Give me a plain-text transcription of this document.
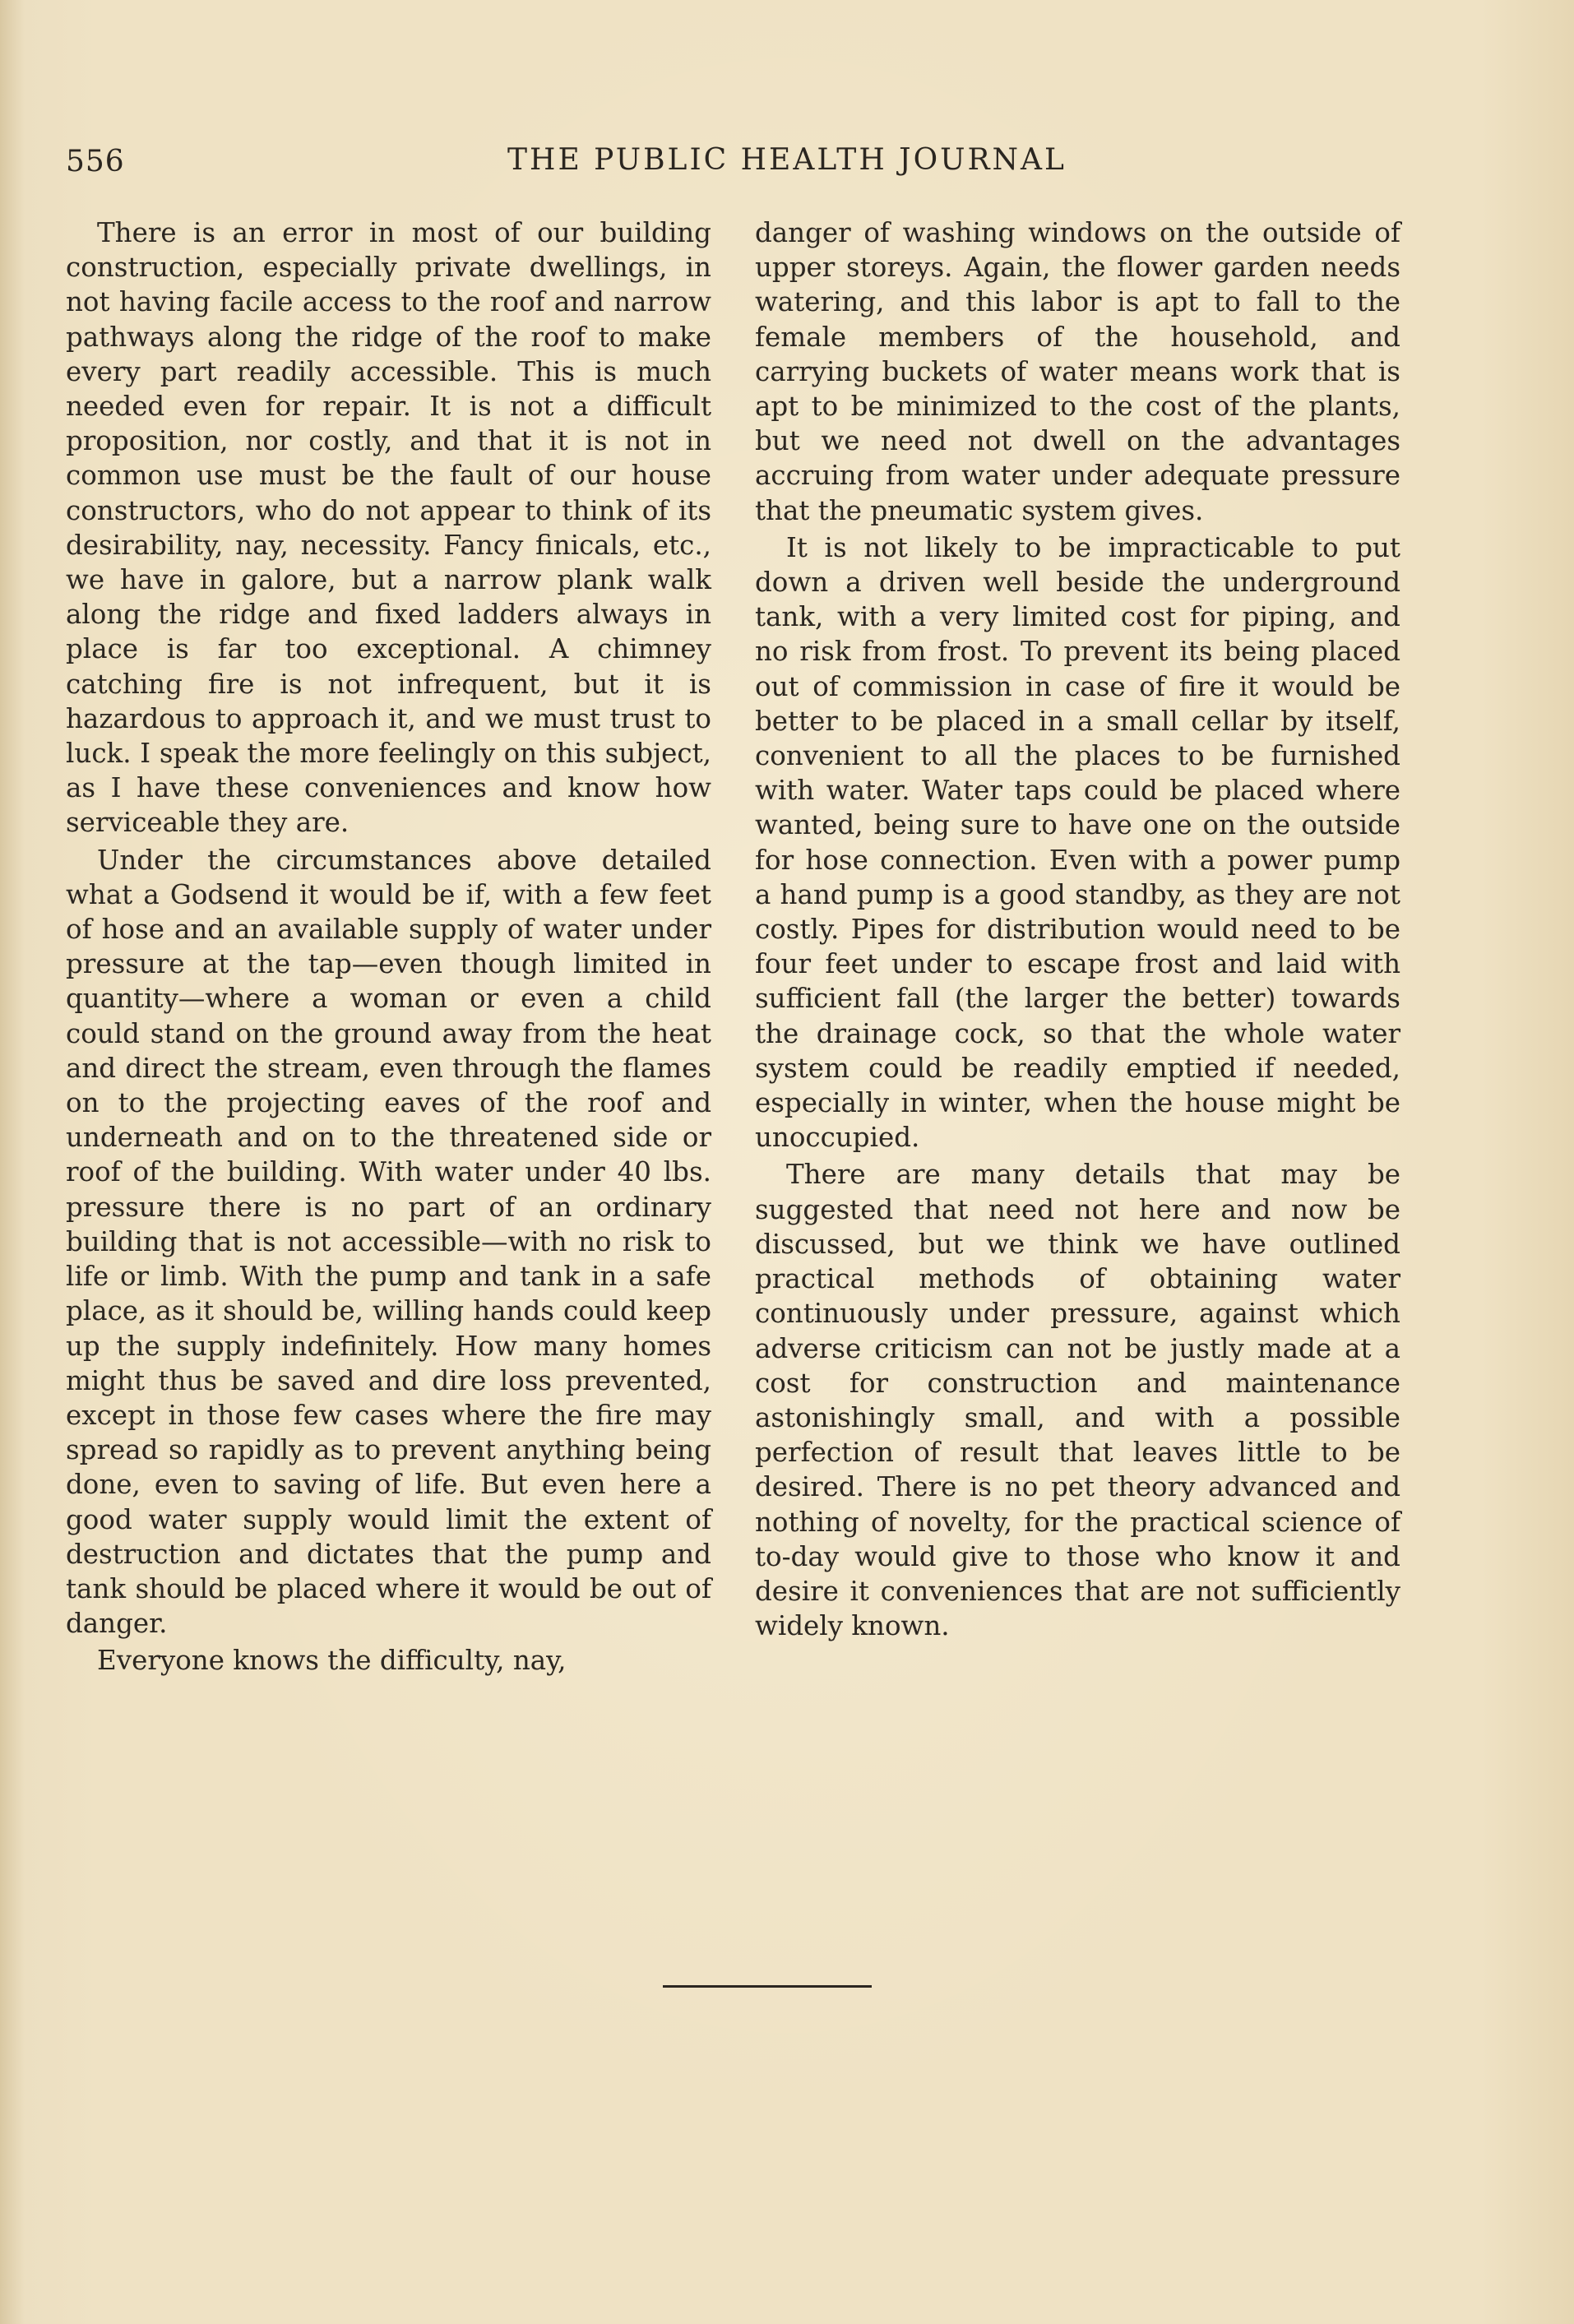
556	THE PUBLIC HEALTH JOURNAL

There is an error in most of our building construction, especially private dwellings, in not having facile access to the roof and narrow pathways along the ridge of the roof to make every part readily accessible. This is much needed even for repair. It is not a difficult proposition, nor costly, and that it is not in common use must be the fault of our house constructors, who do not appear to think of its desirability, nay, necessity. Fancy finicals, etc., we have in galore, but a narrow plank walk along the ridge and fixed ladders always in place is far too exceptional. A chimney catching fire is not infrequent, but it is hazardous to approach it, and we must trust to luck. I speak the more feelingly on this subject, as I have these conveniences and know how serviceable they are.

Under the circumstances above detailed what a Godsend it would be if, with a few feet of hose and an available supply of water under pressure at the tap—even though limited in quantity—where a woman or even a child could stand on the ground away from the heat and direct the stream, even through the flames on to the projecting eaves of the roof and underneath and on to the threatened side or roof of the building. With water under 40 lbs. pressure there is no part of an ordinary building that is not accessible—with no risk to life or limb. With the pump and tank in a safe place, as it should be, willing hands could keep up the supply indefinitely. How many homes might thus be saved and dire loss prevented, except in those few cases where the fire may spread so rapidly as to prevent anything being done, even to saving of life. But even here a good water supply would limit the extent of destruction and dictates that the pump and tank should be placed where it would be out of danger.

Everyone knows the difficulty, nay,

danger of washing windows on the outside of upper storeys. Again, the flower garden needs watering, and this labor is apt to fall to the female members of the household, and carrying buckets of water means work that is apt to be minimized to the cost of the plants, but we need not dwell on the advantages accruing from water under adequate pressure that the pneumatic system gives.

It is not likely to be impracticable to put down a driven well beside the underground tank, with a very limited cost for piping, and no risk from frost. To prevent its being placed out of commission in case of fire it would be better to be placed in a small cellar by itself, convenient to all the places to be furnished with water. Water taps could be placed where wanted, being sure to have one on the outside for hose connection. Even with a power pump a hand pump is a good standby, as they are not costly. Pipes for distribution would need to be four feet under to escape frost and laid with sufficient fall (the larger the better) towards the drainage cock, so that the whole water system could be readily emptied if needed, especially in winter, when the house might be unoccupied.

There are many details that may be suggested that need not here and now be discussed, but we think we have outlined practical methods of obtaining water continuously under pressure, against which adverse criticism can not be justly made at a cost for construction and maintenance astonishingly small, and with a possible perfection of result that leaves little to be desired. There is no pet theory advanced and nothing of novelty, for the practical science of to-day would give to those who know it and desire it conveniences that are not sufficiently widely known.
